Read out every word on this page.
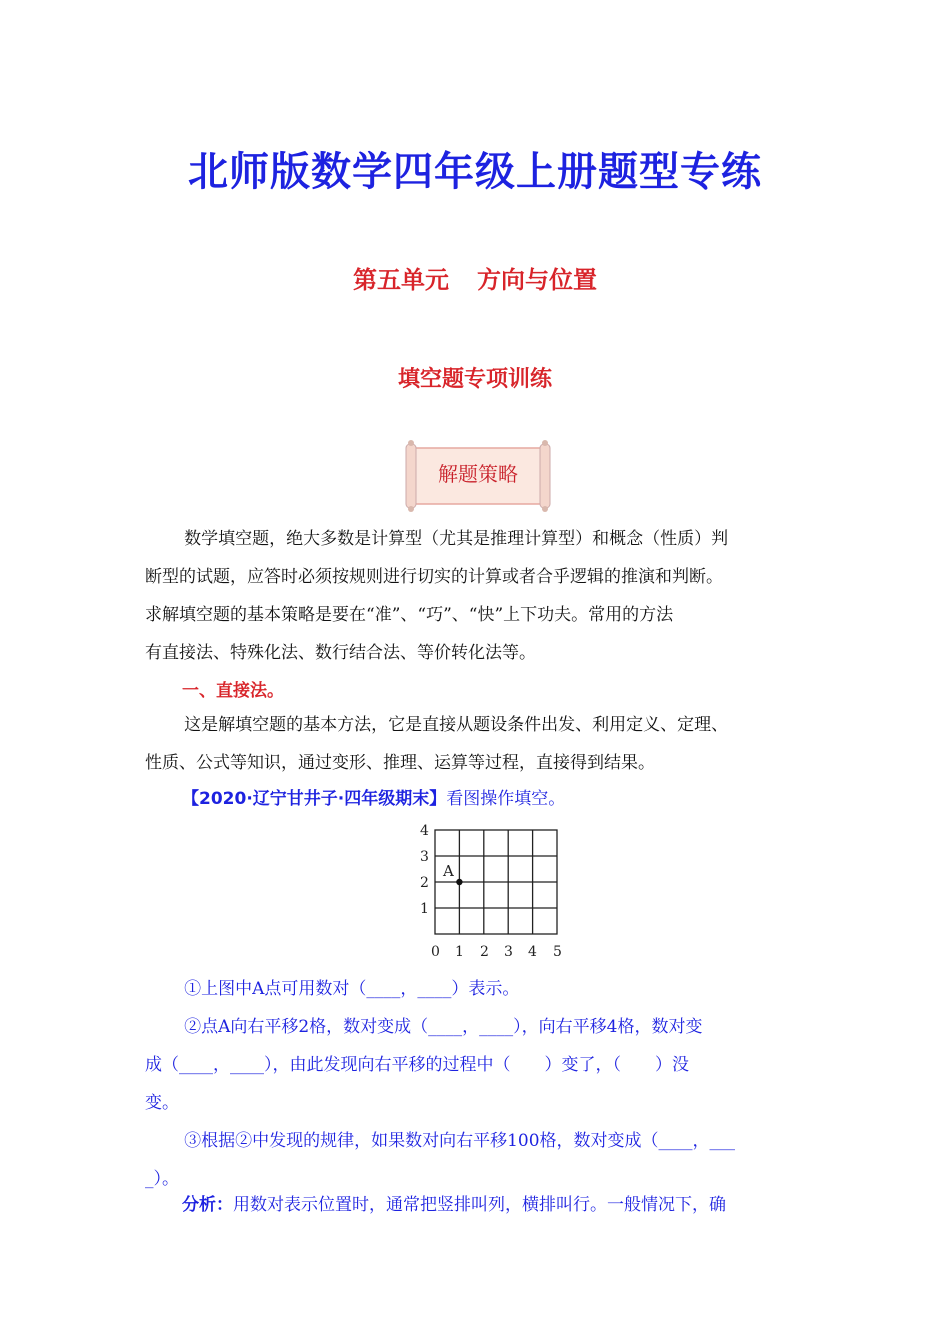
北师版数学四年级上册题型专练
第五单元 方向与位置
填空题专项训练
解题策略

数学填空题，绝大多数是计算型（尤其是推理计算型）和概念（性质）判

断型的试题，应答时必须按规则进行切实的计算或者合乎逻辑的推演和判断。

求解填空题的基本策略是要在“准”、“巧”、“快”上下功夫。常用的方法

有直接法、特殊化法、数行结合法、等价转化法等。

一、直接法。

这是解填空题的基本方法，它是直接从题设条件出发、利用定义、定理、

性质、公式等知识，通过变形、推理、运算等过程，直接得到结果。

【2020·辽宁甘井子·四年级期末】看图操作填空。
4
3
2
1
0 1 2 3 4 5
A

①上图中A点可用数对（____，____）表示。

②点A向右平移2格，数对变成（____，____），向右平移4格，数对变

成（____，____），由此发现向右平移的过程中（　　）变了，（　　）没

变。

③根据②中发现的规律，如果数对向右平移100格，数对变成（____，___

_）。

分析：用数对表示位置时，通常把竖排叫列，横排叫行。一般情况下，确
